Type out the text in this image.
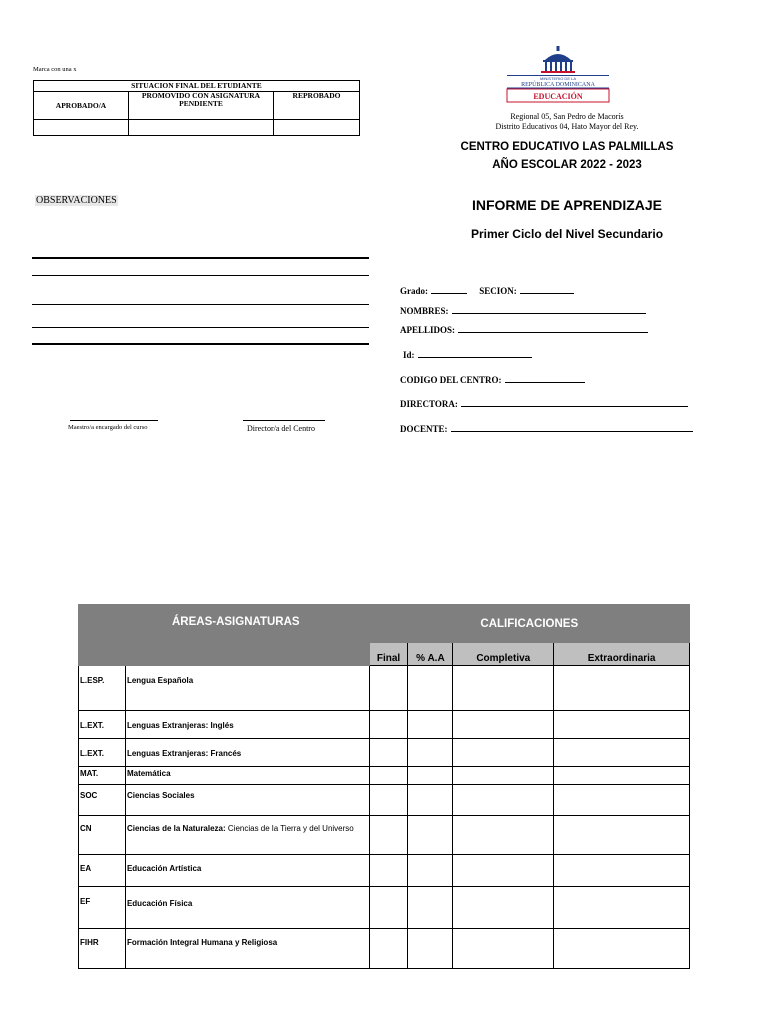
Marca con una x
SITUACION FINAL DEL ETUDIANTE		
APROBADO/A	PROMOVIDO CON ASIGNATURA PENDIENTE	REPROBADO

OBSERVACIONES
Maestro/a encargado del curso	Director/a del Centro
MINISTERIO DE LA
REPÚBLICA DOMINICANA
EDUCACIÓN
Regional 05, San Pedro de Macorís
Distrito Educativos 04, Hato Mayor del Rey.
CENTRO EDUCATIVO LAS PALMILLAS
AÑO ESCOLAR 2022 - 2023
INFORME DE APRENDIZAJE
Primer Ciclo del Nivel Secundario
Grado:	SECION:
NOMBRES:
APELLIDOS:
Id:
CODIGO DEL CENTRO:
DIRECTORA:
DOCENTE:
ÁREAS-ASIGNATURAS		CALIFICACIONES			
		Final	% A.A	Completiva	Extraordinaria
L.ESP.	Lengua Española				
L.EXT.	Lenguas Extranjeras: Inglés				
L.EXT.	Lenguas Extranjeras: Francés				
MAT.	Matemática				
SOC	Ciencias Sociales				
CN	Ciencias de la Naturaleza: Ciencias de la Tierra y del Universo				
EA	Educación Artística				
EF	Educación Física				
FIHR	Formación Integral Humana y Religiosa				
